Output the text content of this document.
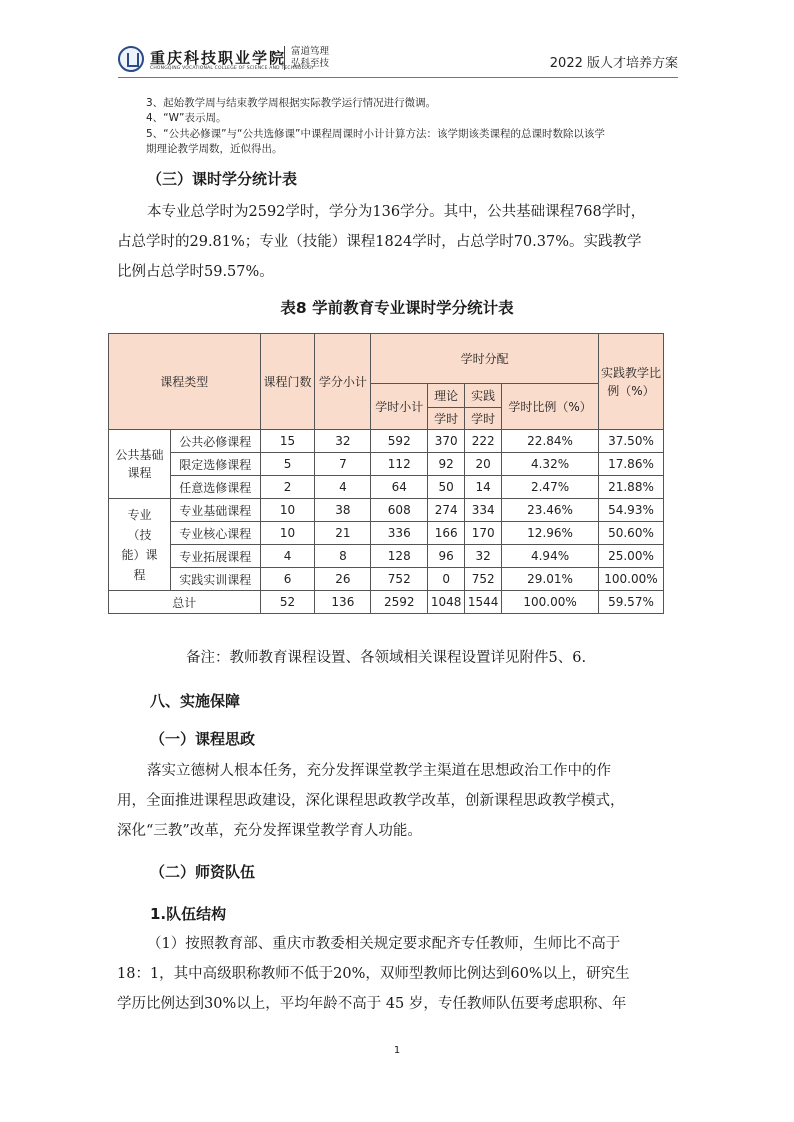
重庆科技职业学院
CHONGQING VOCATIONAL COLLEGE OF SCIENCE AND TECHNOLOGY
富道笃理
弘科至技	2022 版人才培养方案
3、起始教学周与结束教学周根据实际教学运行情况进行微调。
4、“W”表示周。
5、“公共必修课”与“公共选修课”中课程周课时小计计算方法：该学期该类课程的总课时数除以该学
期理论教学周数，近似得出。
（三）课时学分统计表
本专业总学时为2592学时，学分为136学分。其中，公共基础课程768学时，
占总学时的29.81%；专业（技能）课程1824学时，占总学时70.37%。实践教学
比例占总学时59.57%。
表8 学前教育专业课时学分统计表
课程类型		课程门数	学分小计	学时分配				实践教学比例（%）
				学时小计	理论	实践	学时比例（%）	
					学时	学时		
公共基础课程	公共必修课程	15	32	592	370	222	22.84%	37.50%
	限定选修课程	5	7	112	92	20	4.32%	17.86%
	任意选修课程	2	4	64	50	14	2.47%	21.88%
专业（技能）课程	专业基础课程	10	38	608	274	334	23.46%	54.93%
	专业核心课程	10	21	336	166	170	12.96%	50.60%
	专业拓展课程	4	8	128	96	32	4.94%	25.00%
	实践实训课程	6	26	752	0	752	29.01%	100.00%
总计		52	136	2592	1048	1544	100.00%	59.57%
备注：教师教育课程设置、各领域相关课程设置详见附件5、6.
八、实施保障
（一）课程思政
落实立德树人根本任务，充分发挥课堂教学主渠道在思想政治工作中的作
用，全面推进课程思政建设，深化课程思政教学改革，创新课程思政教学模式，
深化“三教”改革，充分发挥课堂教学育人功能。
（二）师资队伍
1.队伍结构
（1）按照教育部、重庆市教委相关规定要求配齐专任教师，生师比不高于
18：1，其中高级职称教师不低于20%，双师型教师比例达到60%以上，研究生
学历比例达到30%以上，平均年龄不高于 45 岁，专任教师队伍要考虑职称、年
1
